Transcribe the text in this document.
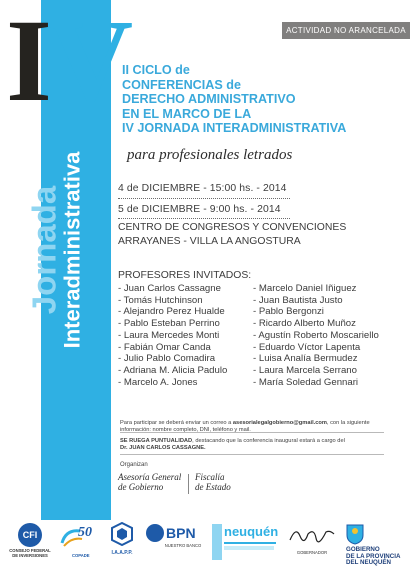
IV
Jornada
Interadministrativa
ACTIVIDAD NO ARANCELADA
II CICLO de
CONFERENCIAS de
DERECHO ADMINISTRATIVO
EN EL MARCO DE LA
IV JORNADA INTERADMINISTRATIVA
para profesionales letrados
4 de DICIEMBRE - 15:00 hs. - 2014
5 de DICIEMBRE - 9:00 hs. - 2014
CENTRO DE CONGRESOS Y CONVENCIONES
ARRAYANES - VILLA LA ANGOSTURA
PROFESORES INVITADOS:
- Juan Carlos Cassagne
- Tomás Hutchinson
- Alejandro Perez Hualde
- Pablo Esteban Perrino
- Laura Mercedes Monti
- Fabián Omar Canda
- Julio Pablo Comadira
- Adriana M. Alicia Padulo
- Marcelo A. Jones
- Marcelo Daniel Iñiguez
- Juan Bautista Justo
- Pablo Bergonzi
- Ricardo Alberto Muñoz
- Agustín Roberto Moscariello
- Eduardo Víctor Lapenta
- Luisa Analía Bermudez
- Laura Marcela Serrano
- María Soledad Gennari
Para participar se deberá enviar un correo a asesorialegalgobierno@gmail.com, con la siguiente información: nombre completo, DNI, teléfono y mail.
SE RUEGA PUNTUALIDAD, destacando que la conferencia inaugural estará a cargo del
Dr. JUAN CARLOS CASSAGNE.
Organizan
Asesoría General
de Gobierno
Fiscalía
de Estado
CFI
CONSEJO FEDERAL DE INVERSIONES
50
COPADE	I.A.A.P.P.
BPN
NUESTRO BANCO
neuquén
GOBERNADOR	GOBIERNO
DE LA PROVINCIA
DEL NEUQUÉN
